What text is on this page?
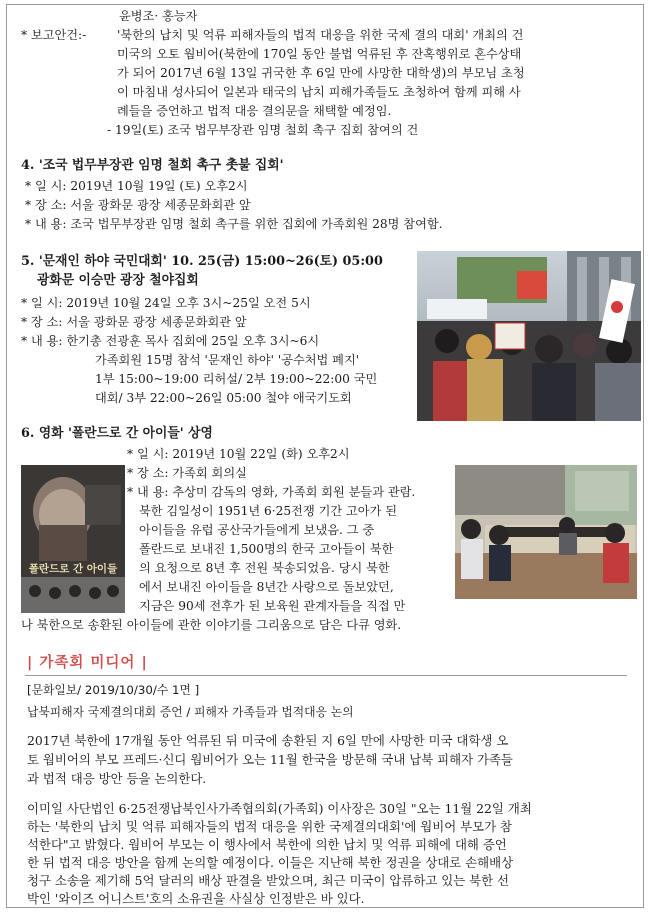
윤병조· 홍능자
* 보고안건:-	'북한의 납치 및 억류 피해자들의 법적 대응을 위한 국제 결의 대회' 개최의 건
미국의 오토 웜비어(북한에 170일 동안 불법 억류된 후 잔혹행위로 혼수상태
가 되어 2017년 6월 13일 귀국한 후 6일 만에 사망한 대학생)의 부모님 초청
이 마침내 성사되어 일본과 태국의 납치 피해가족들도 초청하여 함께 피해 사
례들을 증언하고 법적 대응 결의문을 채택할 예정임.
- 19일(토) 조국 법무부장관 임명 철회 촉구 집회 참여의 건
4. '조국 법무부장관 임명 철회 촉구 촛불 집회'
* 일 시: 2019년 10월 19일 (토) 오후2시
* 장 소: 서울 광화문 광장 세종문화회관 앞
* 내 용: 조국 법무부장관 임명 철회 촉구를 위한 집회에 가족회원 28명 참여함.
5. '문재인 하야 국민대회' 10. 25(금) 15:00~26(토) 05:00
광화문 이승만 광장 철야집회
* 일 시: 2019년 10월 24일 오후 3시~25일 오전 5시
* 장 소: 서울 광화문 광장 세종문화회관 앞
* 내 용: 한기총 전광훈 목사 집회에 25일 오후 3시~6시
가족회원 15명 참석 '문재인 하야' '공수처법 폐지'
1부 15:00~19:00 리허설/ 2부 19:00~22:00 국민
대회/ 3부 22:00~26일 05:00 철야 애국기도회
6. 영화 '폴란드로 간 아이들' 상영
폴란드로 간 아이들
* 일 시: 2019년 10월 22일 (화) 오후2시
* 장 소: 가족회 회의실
* 내 용: 추상미 감독의 영화, 가족회 회원 분들과 관람.
북한 김일성이 1951년 6·25전쟁 기간 고아가 된
아이들을 유럽 공산국가들에게 보냈음. 그 중
폴란드로 보내진 1,500명의 한국 고아들이 북한
의 요청으로 8년 후 전원 북송되었음. 당시 북한
에서 보내진 아이들을 8년간 사랑으로 돌보았던,
지금은 90세 전후가 된 보육원 관계자들을 직접 만
나 북한으로 송환된 아이들에 관한 이야기를 그리움으로 담은 다큐 영화.
| 가족회 미디어 |
[문화일보/ 2019/10/30/수 1면 ]
납북피해자 국제결의대회 증언 / 피해자 가족들과 법적대응 논의
2017년 북한에 17개월 동안 억류된 뒤 미국에 송환된 지 6일 만에 사망한 미국 대학생 오
토 웜비어의 부모 프레드·신디 웜비어가 오는 11월 한국을 방문해 국내 납북 피해자 가족들
과 법적 대응 방안 등을 논의한다.
이미일 사단법인 6·25전쟁납북인사가족협의회(가족회) 이사장은 30일 "오는 11월 22일 개최
하는 '북한의 납치 및 억류 피해자들의 법적 대응을 위한 국제결의대회'에 웜비어 부모가 참
석한다"고 밝혔다. 웜비어 부모는 이 행사에서 북한에 의한 납치 및 억류 피해에 대해 증언
한 뒤 법적 대응 방안을 함께 논의할 예정이다. 이들은 지난해 북한 정권을 상대로 손해배상
청구 소송을 제기해 5억 달러의 배상 판결을 받았으며, 최근 미국이 압류하고 있는 북한 선
박인 '와이즈 어니스트'호의 소유권을 사실상 인정받은 바 있다.
